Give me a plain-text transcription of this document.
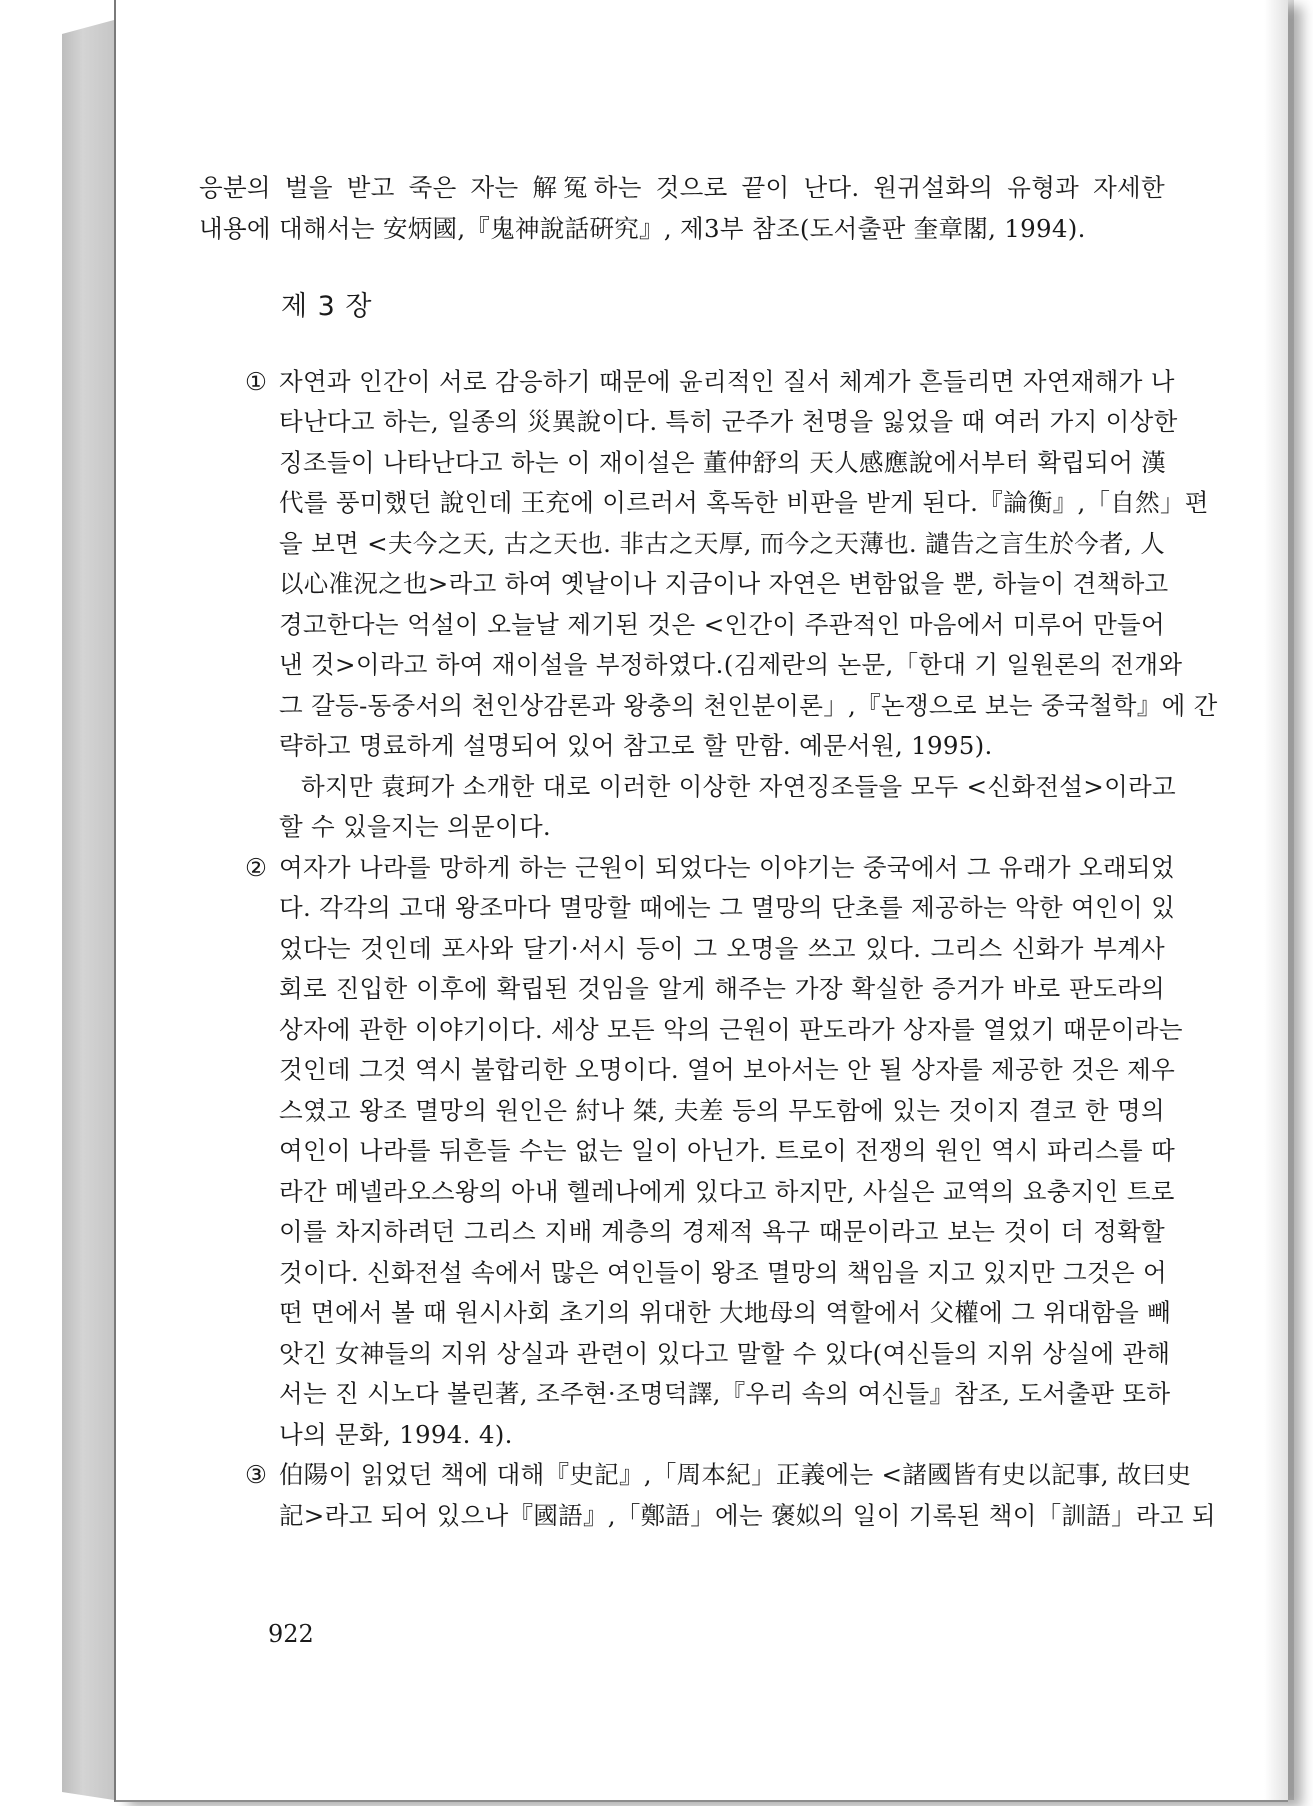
응분의 벌을 받고 죽은 자는 解冤하는 것으로 끝이 난다. 원귀설화의 유형과 자세한
내용에 대해서는 安炳國,『鬼神說話硏究』, 제3부 참조(도서출판 奎章閣, 1994).
제 3 장
① 자연과 인간이 서로 감응하기 때문에 윤리적인 질서 체계가 흔들리면 자연재해가 나
타난다고 하는, 일종의 災異說이다. 특히 군주가 천명을 잃었을 때 여러 가지 이상한
징조들이 나타난다고 하는 이 재이설은 董仲舒의 天人感應說에서부터 확립되어 漢
代를 풍미했던 說인데 王充에 이르러서 혹독한 비판을 받게 된다.『論衡』,「自然」편
을 보면 <夫今之天, 古之天也. 非古之天厚, 而今之天薄也. 譴告之言生於今者, 人
以心准況之也>라고 하여 옛날이나 지금이나 자연은 변함없을 뿐, 하늘이 견책하고
경고한다는 억설이 오늘날 제기된 것은 <인간이 주관적인 마음에서 미루어 만들어
낸 것>이라고 하여 재이설을 부정하였다.(김제란의 논문,「한대 기 일원론의 전개와
그 갈등-동중서의 천인상감론과 왕충의 천인분이론」,『논쟁으로 보는 중국철학』에 간
략하고 명료하게 설명되어 있어 참고로 할 만함. 예문서원, 1995).
하지만 袁珂가 소개한 대로 이러한 이상한 자연징조들을 모두 <신화전설>이라고
할 수 있을지는 의문이다.
② 여자가 나라를 망하게 하는 근원이 되었다는 이야기는 중국에서 그 유래가 오래되었
다. 각각의 고대 왕조마다 멸망할 때에는 그 멸망의 단초를 제공하는 악한 여인이 있
었다는 것인데 포사와 달기·서시 등이 그 오명을 쓰고 있다. 그리스 신화가 부계사
회로 진입한 이후에 확립된 것임을 알게 해주는 가장 확실한 증거가 바로 판도라의
상자에 관한 이야기이다. 세상 모든 악의 근원이 판도라가 상자를 열었기 때문이라는
것인데 그것 역시 불합리한 오명이다. 열어 보아서는 안 될 상자를 제공한 것은 제우
스였고 왕조 멸망의 원인은 紂나 桀, 夫差 등의 무도함에 있는 것이지 결코 한 명의
여인이 나라를 뒤흔들 수는 없는 일이 아닌가. 트로이 전쟁의 원인 역시 파리스를 따
라간 메넬라오스왕의 아내 헬레나에게 있다고 하지만, 사실은 교역의 요충지인 트로
이를 차지하려던 그리스 지배 계층의 경제적 욕구 때문이라고 보는 것이 더 정확할
것이다. 신화전설 속에서 많은 여인들이 왕조 멸망의 책임을 지고 있지만 그것은 어
떤 면에서 볼 때 원시사회 초기의 위대한 大地母의 역할에서 父權에 그 위대함을 빼
앗긴 女神들의 지위 상실과 관련이 있다고 말할 수 있다(여신들의 지위 상실에 관해
서는 진 시노다 볼린著, 조주현·조명덕譯,『우리 속의 여신들』참조, 도서출판 또하
나의 문화, 1994. 4).
③ 伯陽이 읽었던 책에 대해『史記』,「周本紀」正義에는 <諸國皆有史以記事, 故曰史
記>라고 되어 있으나『國語』,「鄭語」에는 褒姒의 일이 기록된 책이「訓語」라고 되
922
